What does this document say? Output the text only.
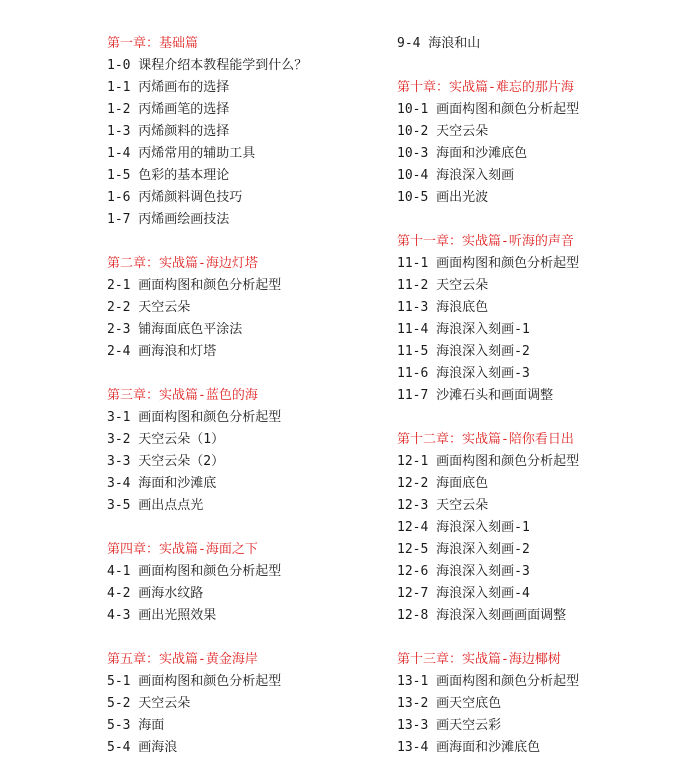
第一章：基础篇
1-0 课程介绍本教程能学到什么？
1-1 丙烯画布的选择
1-2 丙烯画笔的选择
1-3 丙烯颜料的选择
1-4 丙烯常用的辅助工具
1-5 色彩的基本理论
1-6 丙烯颜料调色技巧
1-7 丙烯画绘画技法
第二章：实战篇-海边灯塔
2-1 画面构图和颜色分析起型
2-2 天空云朵
2-3 铺海面底色平涂法
2-4 画海浪和灯塔
第三章：实战篇-蓝色的海
3-1 画面构图和颜色分析起型
3-2 天空云朵（1）
3-3 天空云朵（2）
3-4 海面和沙滩底
3-5 画出点点光
第四章：实战篇-海面之下
4-1 画面构图和颜色分析起型
4-2 画海水纹路
4-3 画出光照效果
第五章：实战篇-黄金海岸
5-1 画面构图和颜色分析起型
5-2 天空云朵
5-3 海面
5-4 画海浪
9-4 海浪和山
第十章：实战篇-难忘的那片海
10-1 画面构图和颜色分析起型
10-2 天空云朵
10-3 海面和沙滩底色
10-4 海浪深入刻画
10-5 画出光波
第十一章：实战篇-听海的声音
11-1 画面构图和颜色分析起型
11-2 天空云朵
11-3 海浪底色
11-4 海浪深入刻画-1
11-5 海浪深入刻画-2
11-6 海浪深入刻画-3
11-7 沙滩石头和画面调整
第十二章：实战篇-陪你看日出
12-1 画面构图和颜色分析起型
12-2 海面底色
12-3 天空云朵
12-4 海浪深入刻画-1
12-5 海浪深入刻画-2
12-6 海浪深入刻画-3
12-7 海浪深入刻画-4
12-8 海浪深入刻画画面调整
第十三章：实战篇-海边椰树
13-1 画面构图和颜色分析起型
13-2 画天空底色
13-3 画天空云彩
13-4 画海面和沙滩底色
